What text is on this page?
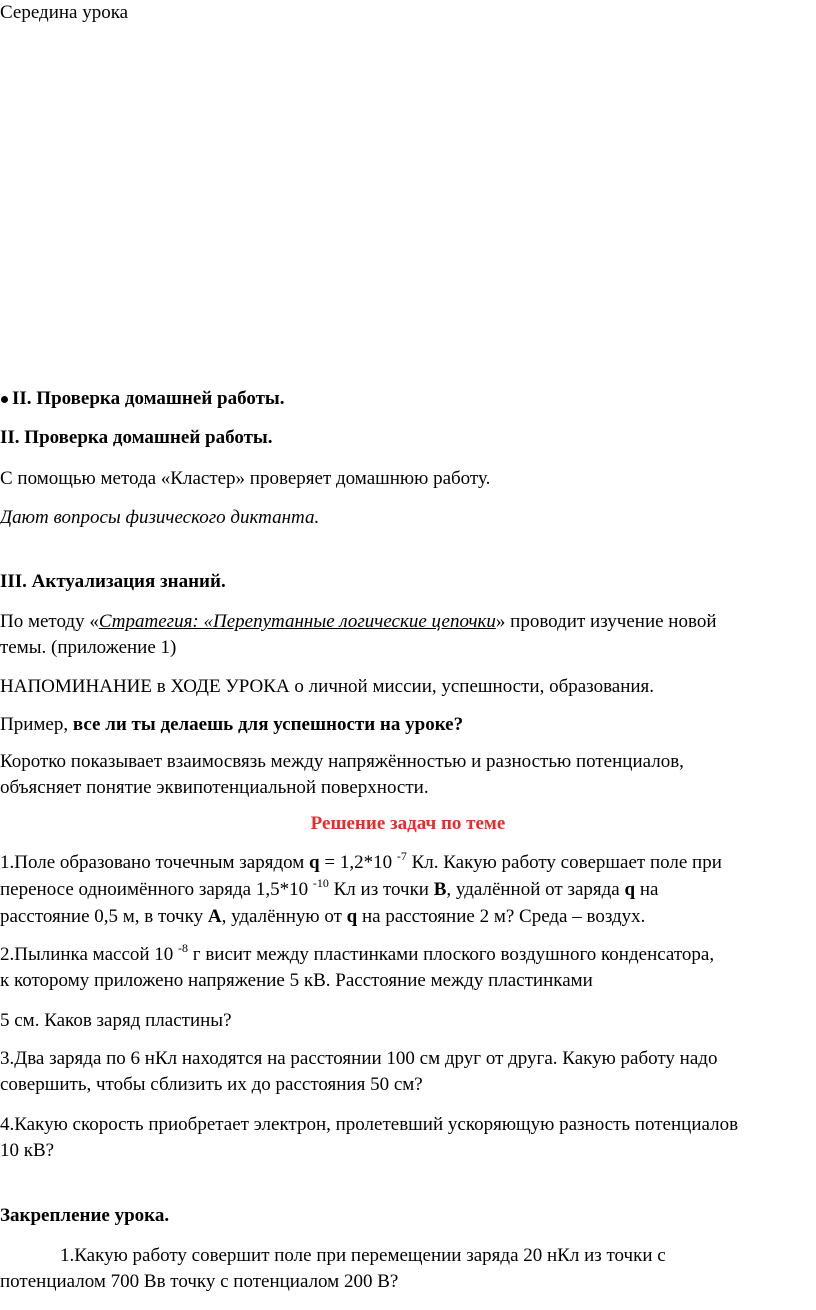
Середина урока

II. Проверка домашней работы.

II. Проверка домашней работы.

С помощью метода «Кластер» проверяет домашнюю работу.

Дают вопросы физического диктанта.

III. Актуализация знаний.

По методу «Стратегия: «Перепутанные логические цепочки» проводит изучение новой
темы. (приложение 1)

НАПОМИНАНИЕ в ХОДЕ УРОКА о личной миссии, успешности, образования.

Пример, все ли ты делаешь для успешности на уроке?

Коротко показывает взаимосвязь между напряжённостью и разностью потенциалов,
объясняет понятие эквипотенциальной поверхности.

Решение задач по теме

1.Поле образовано точечным зарядом q = 1,2*10 $^{-7}$ Кл. Какую работу совершает поле при
переносе одноимённого заряда 1,5*10 $^{-10}$ Кл из точки В, удалённой от заряда q на
расстояние 0,5 м, в точку А, удалённую от q на расстояние 2 м? Среда – воздух.

2.Пылинка массой 10 $^{-8}$ г висит между пластинками плоского воздушного конденсатора,
к которому приложено напряжение 5 кВ. Расстояние между пластинками

5 см. Каков заряд пластины?

3.Два заряда по 6 нКл находятся на расстоянии 100 см друг от друга. Какую работу надо
совершить, чтобы сблизить их до расстояния 50 см?

4.Какую скорость приобретает электрон, пролетевший ускоряющую разность потенциалов
10 кВ?

Закрепление урока.

1.Какую работу совершит поле при перемещении заряда 20 нКл из точки с
потенциалом 700 Вв точку с потенциалом 200 В?
